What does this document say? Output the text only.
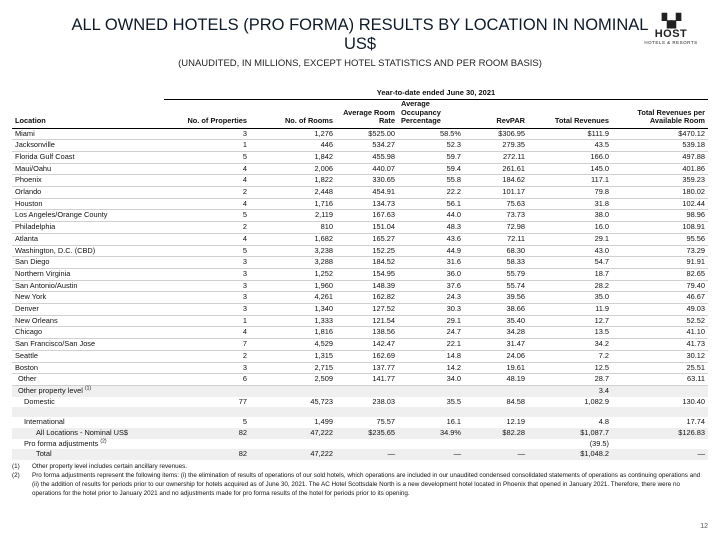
ALL OWNED HOTELS (PRO FORMA) RESULTS BY LOCATION IN NOMINAL US$
(UNAUDITED, IN MILLIONS, EXCEPT HOTEL STATISTICS AND PER ROOM BASIS)
▚▞
HOST
HOTELS & RESORTS
Year-to-date ended June 30, 2021
Location	No. of Properties	No. of Rooms	Average Room Rate	Average Occupancy Percentage	RevPAR	Total Revenues	Total Revenues per Available Room
Miami	3	1,276	$525.00	58.5%	$306.95	$111.9	$470.12
Jacksonville	1	446	534.27	52.3	279.35	43.5	539.18
Florida Gulf Coast	5	1,842	455.98	59.7	272.11	166.0	497.88
Maui/Oahu	4	2,006	440.07	59.4	261.61	145.0	401.86
Phoenix	4	1,822	330.65	55.8	184.62	117.1	359.23
Orlando	2	2,448	454.91	22.2	101.17	79.8	180.02
Houston	4	1,716	134.73	56.1	75.63	31.8	102.44
Los Angeles/Orange County	5	2,119	167.63	44.0	73.73	38.0	98.96
Philadelphia	2	810	151.04	48.3	72.98	16.0	108.91
Atlanta	4	1,682	165.27	43.6	72.11	29.1	95.56
Washington, D.C. (CBD)	5	3,238	152.25	44.9	68.30	43.0	73.29
San Diego	3	3,288	184.52	31.6	58.33	54.7	91.91
Northern Virginia	3	1,252	154.95	36.0	55.79	18.7	82.65
San Antonio/Austin	3	1,960	148.39	37.6	55.74	28.2	79.40
New York	3	4,261	162.82	24.3	39.56	35.0	46.67
Denver	3	1,340	127.52	30.3	38.66	11.9	49.03
New Orleans	1	1,333	121.54	29.1	35.40	12.7	52.52
Chicago	4	1,816	138.56	24.7	34.28	13.5	41.10
San Francisco/San Jose	7	4,529	142.47	22.1	31.47	34.2	41.73
Seattle	2	1,315	162.69	14.8	24.06	7.2	30.12
Boston	3	2,715	137.77	14.2	19.61	12.5	25.51
Other	6	2,509	141.77	34.0	48.19	28.7	63.11
Other property level $^{(1)}$						3.4	
Domestic	77	45,723	238.03	35.5	84.58	1,082.9	130.40

International	5	1,499	75.57	16.1	12.19	4.8	17.74
All Locations - Nominal US$	82	47,222	$235.65	34.9%	$82.28	$1,087.7	$126.83
Pro forma adjustments $^{(2)}$						(39.5)	
Total	82	47,222	—	—	—	$1,048.2	—
(1)	Other property level includes certain ancillary revenues.
(2)	Pro forma adjustments represent the following items: (i) the elimination of results of operations of our sold hotels, which operations are included in our unaudited condensed consolidated statements of operations as continuing operations and (ii) the addition of results for periods prior to our ownership for hotels acquired as of June 30, 2021. The AC Hotel Scottsdale North is a new development hotel located in Phoenix that opened in January 2021. Therefore, there were no operations for the hotel prior to January 2021 and no adjustments made for pro forma results of the hotel for periods prior to its opening.
12
